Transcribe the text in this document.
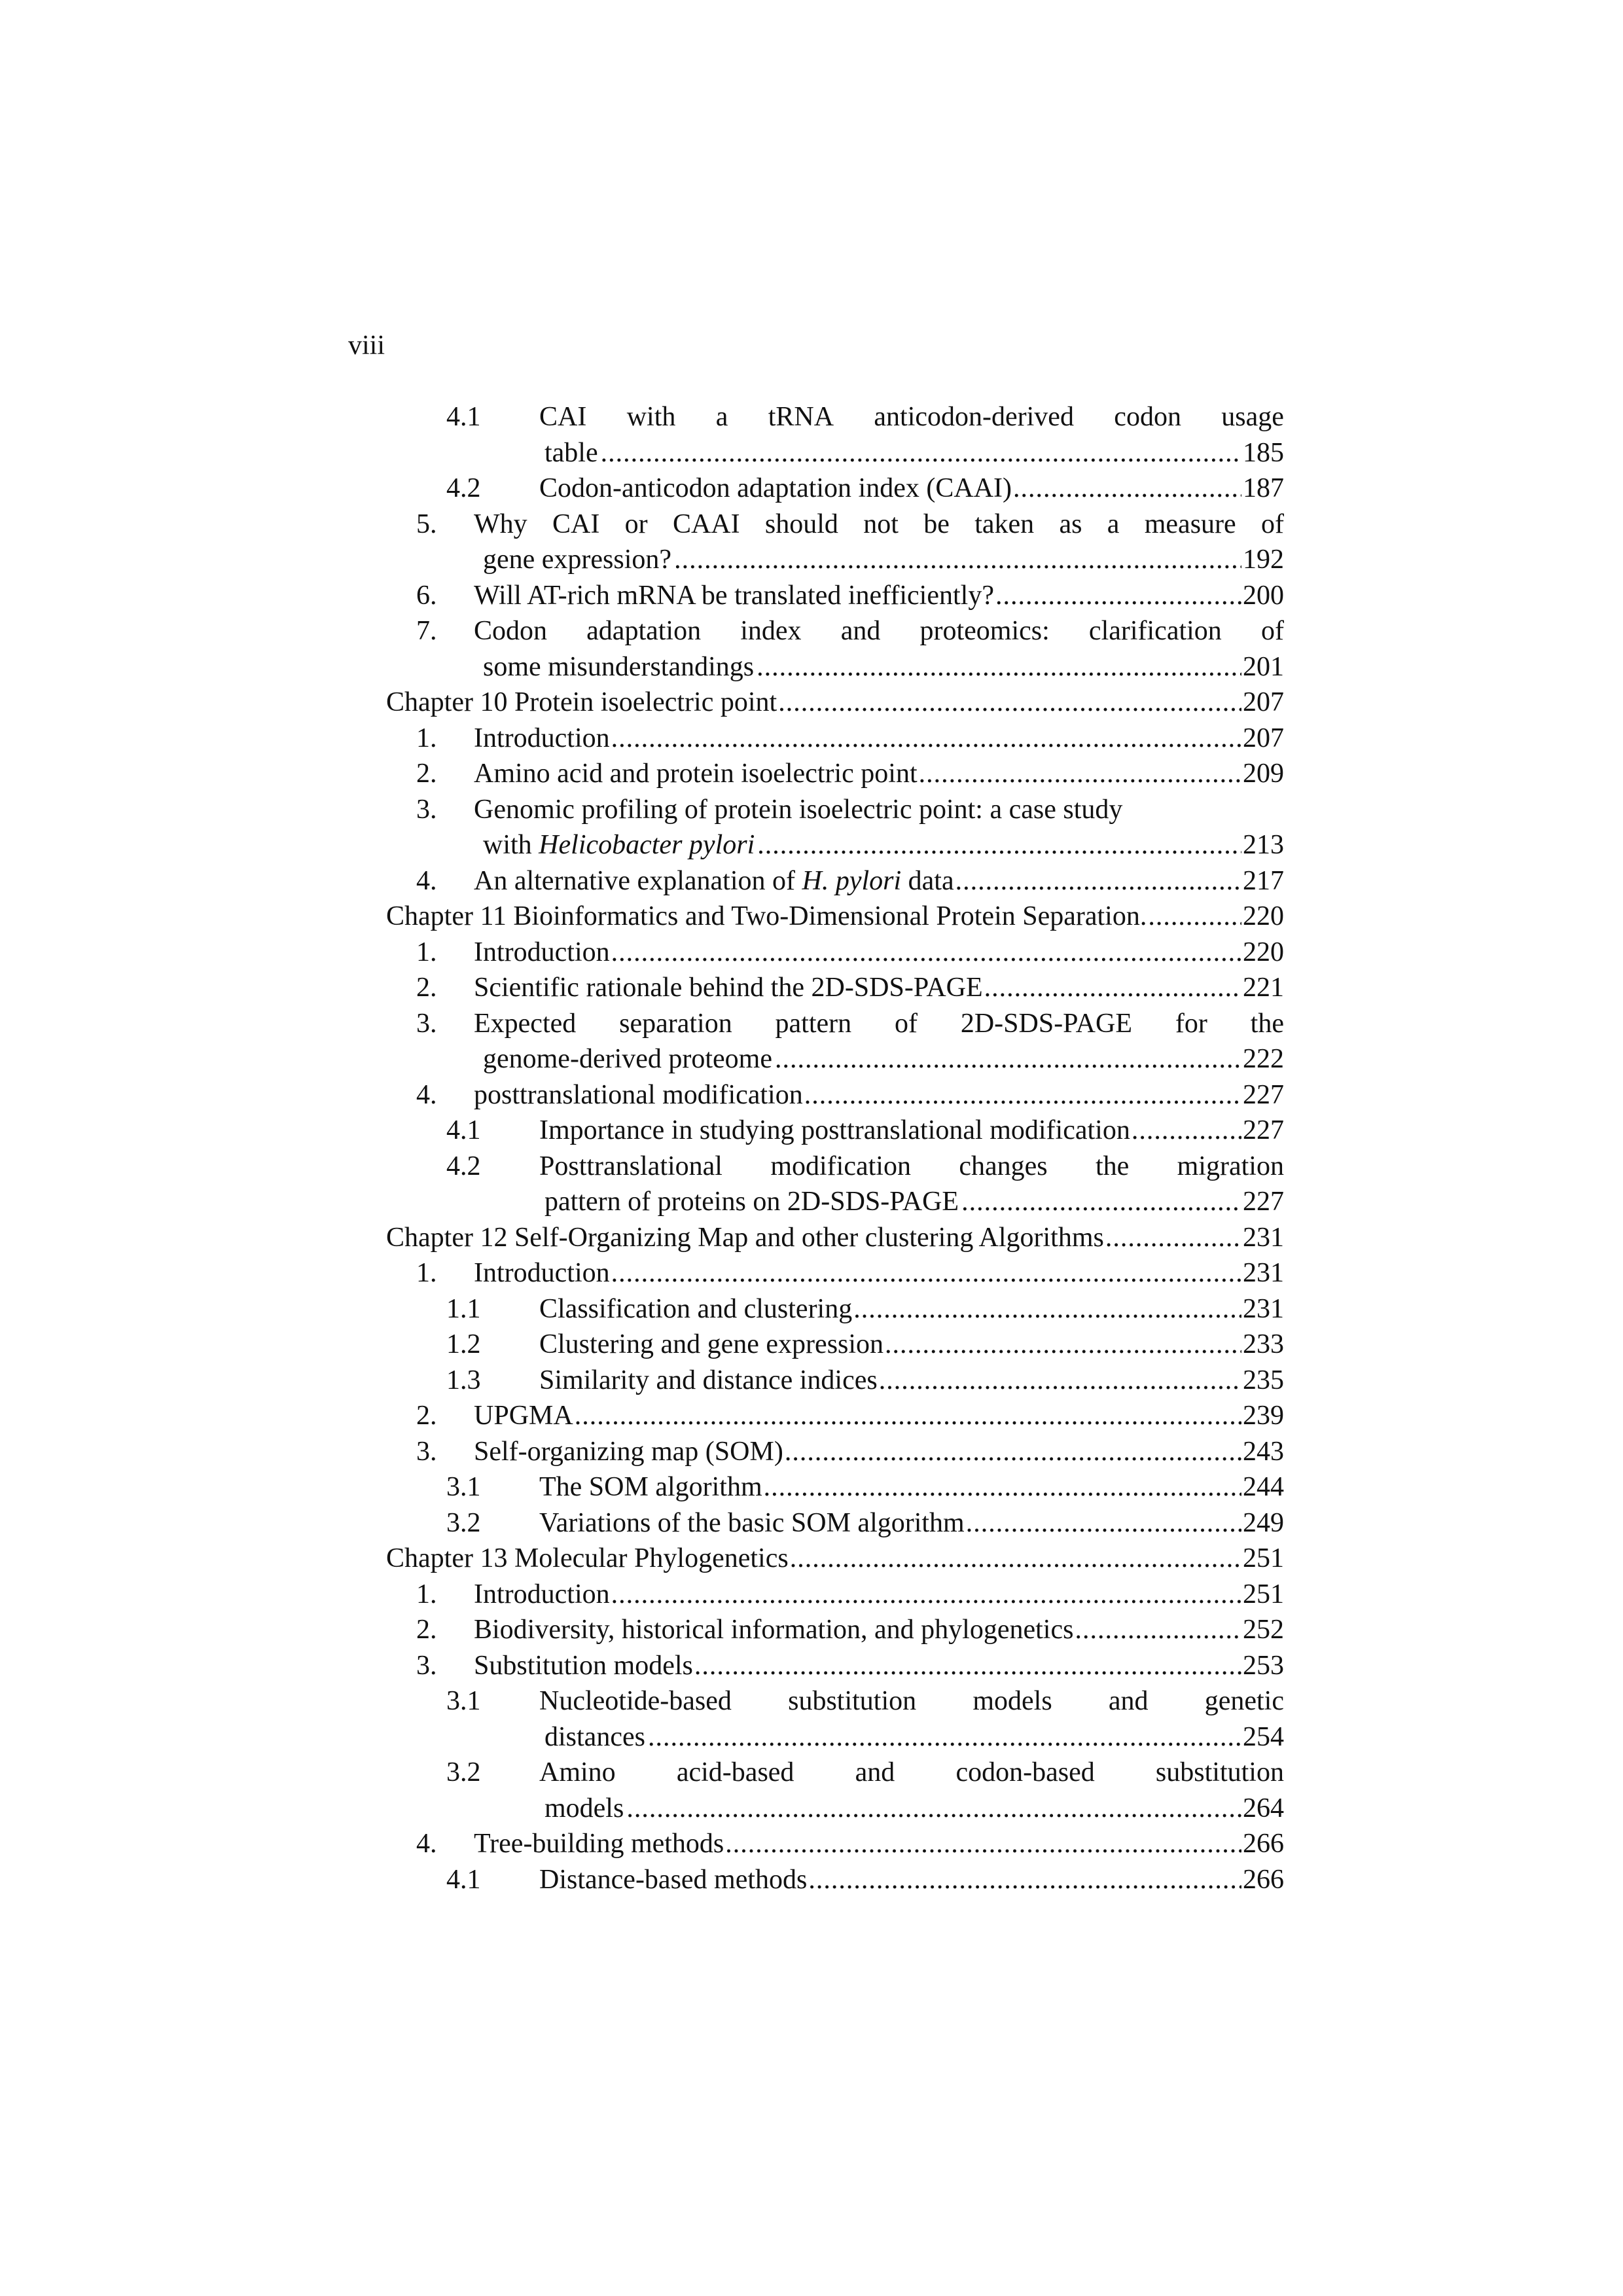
viii
4.1	CAI with a tRNA anticodon-derived codon usage
table .....	185
4.2	Codon-anticodon adaptation index (CAAI) .....	187
5.	Why CAI or CAAI should not be taken as a measure of
gene expression? .....	192
6.	Will AT-rich mRNA be translated inefficiently? .....	200
7.	Codon adaptation index and proteomics: clarification of
some misunderstandings .....	201
Chapter 10 Protein isoelectric point .....	207
1.	Introduction .....	207
2.	Amino acid and protein isoelectric point .....	209
3.	Genomic profiling of protein isoelectric point: a case study
with Helicobacter pylori .....	213
4.	An alternative explanation of H. pylori data .....	217
Chapter 11 Bioinformatics and Two-Dimensional Protein Separation. .....	220
1.	Introduction .....	220
2.	Scientific rationale behind the 2D-SDS-PAGE .....	221
3.	Expected separation pattern of 2D-SDS-PAGE for the
genome-derived proteome .....	222
4.	posttranslational modification .....	227
4.1	Importance in studying posttranslational modification .....	227
4.2	Posttranslational modification changes the migration
pattern of proteins on 2D-SDS-PAGE .....	227
Chapter 12 Self-Organizing Map and other clustering Algorithms .....	231
1.	Introduction .....	231
1.1	Classification and clustering .....	231
1.2	Clustering and gene expression .....	233
1.3	Similarity and distance indices .....	235
2.	UPGMA .....	239
3.	Self-organizing map (SOM) .....	243
3.1	The SOM algorithm .....	244
3.2	Variations of the basic SOM algorithm .....	249
Chapter 13 Molecular Phylogenetics .....	251
1.	Introduction .....	251
2.	Biodiversity, historical information, and phylogenetics .....	252
3.	Substitution models .....	253
3.1	Nucleotide-based substitution models and genetic
distances .....	254
3.2	Amino acid-based and codon-based substitution
models .....	264
4.	Tree-building methods .....	266
4.1	Distance-based methods .....	266
